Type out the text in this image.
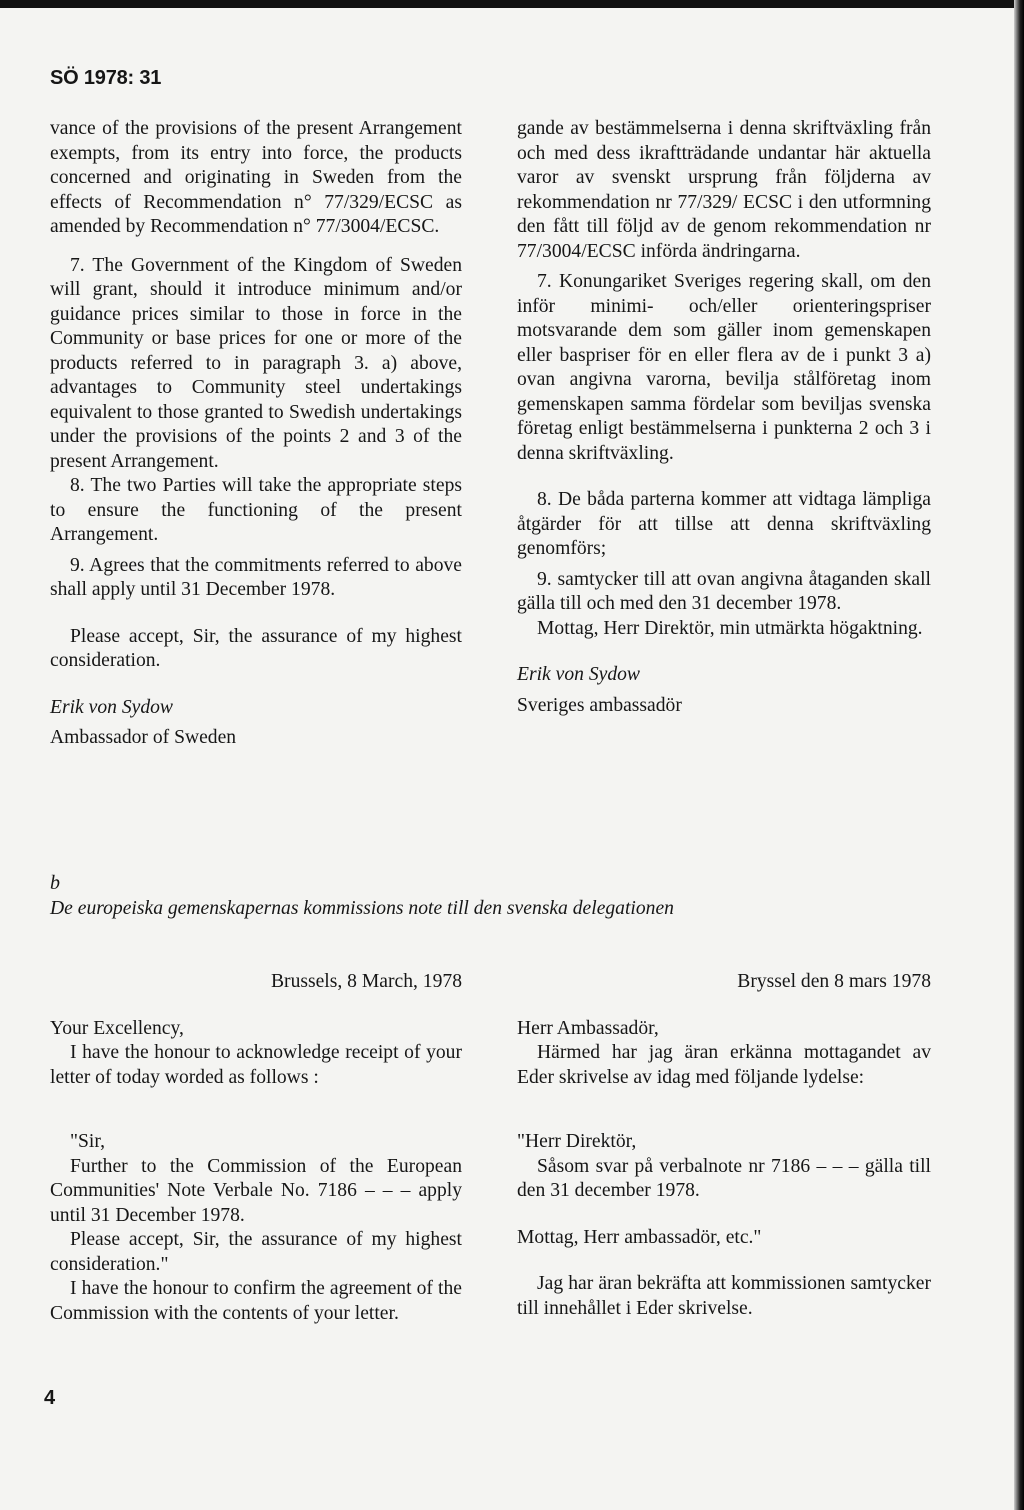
SÖ 1978: 31

vance of the provisions of the present Arrangement exempts, from its entry into force, the products concerned and originating in Sweden from the effects of Recommendation n° 77/329/ECSC as amended by Recommendation n° 77/3004/ECSC.

7. The Government of the Kingdom of Sweden will grant, should it introduce minimum and/or guidance prices similar to those in force in the Community or base prices for one or more of the products referred to in paragraph 3. a) above, advantages to Community steel undertakings equivalent to those granted to Swedish undertakings under the provisions of the points 2 and 3 of the present Arrangement.

8. The two Parties will take the appropriate steps to ensure the functioning of the present Arrangement.

9. Agrees that the commitments referred to above shall apply until 31 December 1978.

Please accept, Sir, the assurance of my highest consideration.

Erik von Sydow

Ambassador of Sweden

gande av bestämmelserna i denna skriftväxling från och med dess ikraftträdande undantar här aktuella varor av svenskt ursprung från följderna av rekommendation nr 77/329/ ECSC i den utformning den fått till följd av de genom rekommendation nr 77/3004/ECSC införda ändringarna.

7. Konungariket Sveriges regering skall, om den inför minimi- och/eller orienteringspriser motsvarande dem som gäller inom gemenskapen eller baspriser för en eller flera av de i punkt 3 a) ovan angivna varorna, bevilja stålföretag inom gemenskapen samma fördelar som beviljas svenska företag enligt bestämmelserna i punkterna 2 och 3 i denna skriftväxling.

8. De båda parterna kommer att vidtaga lämpliga åtgärder för att tillse att denna skriftväxling genomförs;

9. samtycker till att ovan angivna åtaganden skall gälla till och med den 31 december 1978.

Mottag, Herr Direktör, min utmärkta högaktning.

Erik von Sydow

Sveriges ambassadör

b
De europeiska gemenskapernas kommissions note till den svenska delegationen

Brussels, 8 March, 1978

Your Excellency,

I have the honour to acknowledge receipt of your letter of today worded as follows :

"Sir,

Further to the Commission of the European Communities' Note Verbale No. 7186 – – – apply until 31 December 1978.

Please accept, Sir, the assurance of my highest consideration."

I have the honour to confirm the agreement of the Commission with the contents of your letter.

Bryssel den 8 mars 1978

Herr Ambassadör,

Härmed har jag äran erkänna mottagandet av Eder skrivelse av idag med följande lydelse:

"Herr Direktör,

Såsom svar på verbalnote nr 7186 – – – gälla till den 31 december 1978.

Mottag, Herr ambassadör, etc."

Jag har äran bekräfta att kommissionen samtycker till innehållet i Eder skrivelse.

4
